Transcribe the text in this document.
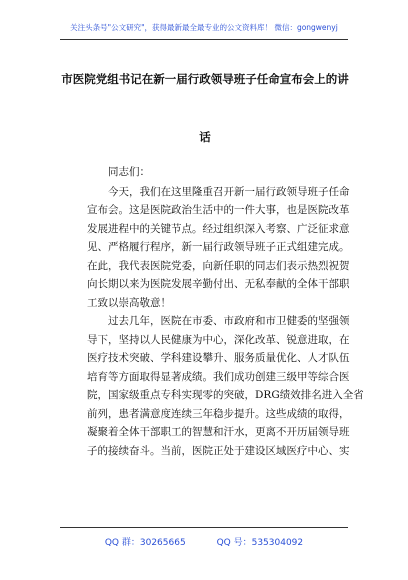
关注头条号"公文研究"，获得最新最全最专业的公文资料库！ 微信：gongwenyj
市医院党组书记在新一届行政领导班子任命宣布会上的讲
话

同志们：

今天，我们在这里隆重召开新一届行政领导班子任命
宣布会。这是医院政治生活中的一件大事，也是医院改革
发展进程中的关键节点。经过组织深入考察、广泛征求意
见、严格履行程序，新一届行政领导班子正式组建完成。

在此，我代表医院党委，向新任职的同志们表示热烈祝贺
向长期以来为医院发展辛勤付出、无私奉献的全体干部职
工致以崇高敬意！

过去几年，医院在市委、市政府和市卫健委的坚强领
导下，坚持以人民健康为中心，深化改革、锐意进取，在
医疗技术突破、学科建设攀升、服务质量优化、人才队伍
培育等方面取得显著成绩。我们成功创建三级甲等综合医
院，国家级重点专科实现零的突破，DRG绩效排名进入全省
前列，患者满意度连续三年稳步提升。这些成绩的取得，
凝聚着全体干部职工的智慧和汗水，更离不开历届领导班
子的接续奋斗。当前，医院正处于建设区域医疗中心、实

QQ 群：30265665	QQ 号：535304092
